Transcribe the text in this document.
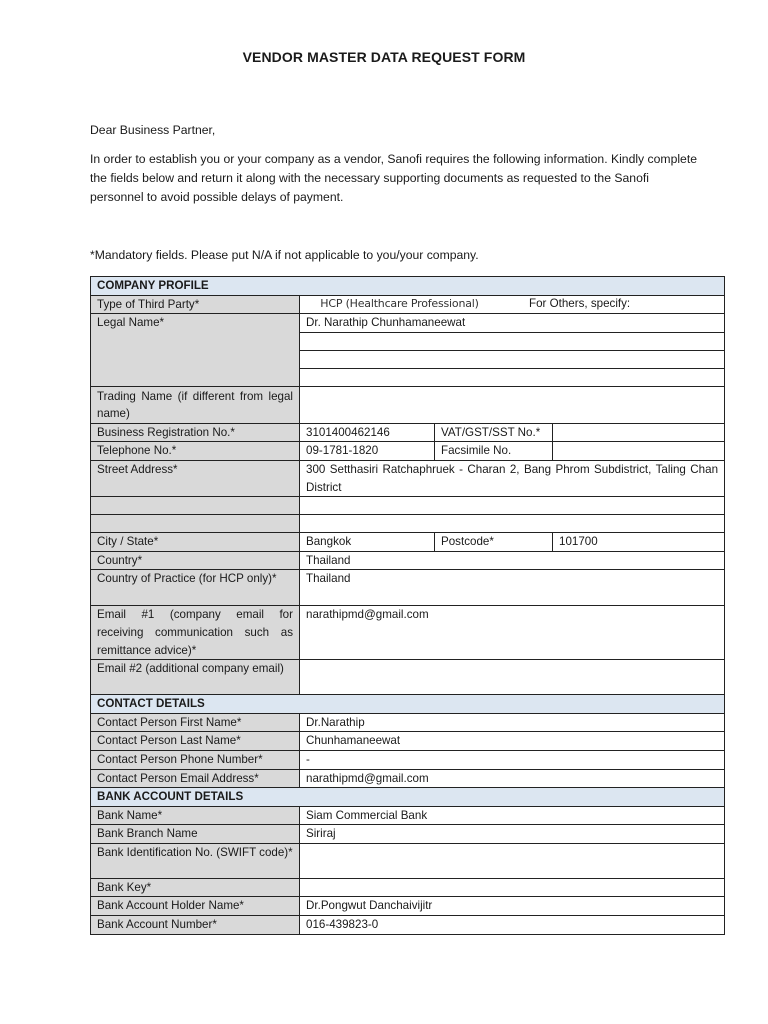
VENDOR MASTER DATA REQUEST FORM
Dear Business Partner,
In order to establish you or your company as a vendor, Sanofi requires the following information. Kindly complete the fields below and return it along with the necessary supporting documents as requested to the Sanofi personnel to avoid possible delays of payment.
*Mandatory fields. Please put N/A if not applicable to you/your company.
COMPANY PROFILE			
Type of Third Party*	HCP (Healthcare Professional) For Others, specify:		

Legal Name*	Dr. Narathip Chunhamaneewat		

Trading Name (if different from legal name)			
Business Registration No.*	3101400462146	VAT/GST/SST No.*	
Telephone No.*	09-1781-1820	Facsimile No.	
Street Address*	300 Setthasiri Ratchaphruek - Charan 2, Bang Phrom Subdistrict, Taling Chan District		

City / State*	Bangkok	Postcode*	101700
Country*	Thailand		
Country of Practice (for HCP only)*	Thailand		
Email #1 (company email for receiving communication such as remittance advice)*	narathipmd@gmail.com		
Email #2 (additional company email)			
CONTACT DETAILS			
Contact Person First Name*	Dr.Narathip		
Contact Person Last Name*	Chunhamaneewat		
Contact Person Phone Number*	-		
Contact Person Email Address*	narathipmd@gmail.com		
BANK ACCOUNT DETAILS			
Bank Name*	Siam Commercial Bank		
Bank Branch Name	Siriraj		
Bank Identification No. (SWIFT code)*			
Bank Key*			
Bank Account Holder Name*	Dr.Pongwut Danchaivijitr		
Bank Account Number*	016-439823-0		
